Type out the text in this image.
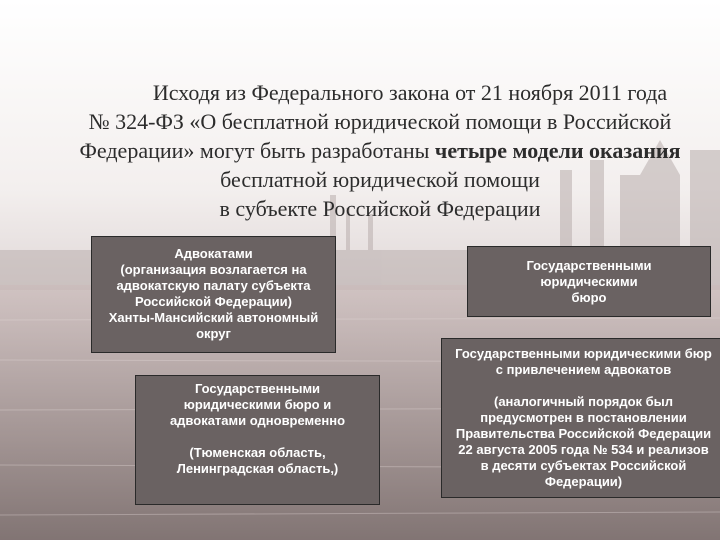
Исходя из Федерального закона от 21 ноября 2011 года
№ 324-ФЗ «О бесплатной юридической помощи в Российской
Федерации» могут быть разработаны четыре модели оказания
бесплатной юридической помощи
в субъекте Российской Федерации
Адвокатами
(организация возлагается на
адвокатскую палату субъекта
Российской Федерации)
Ханты-Мансийский автономный
округ
Государственными
юридическими
бюро
Государственными
юридическими бюро и
адвокатами одновременно
(Тюменская область,
Ленинградская область,)
Государственными юридическими бюр
с привлечением адвокатов
(аналогичный порядок был
предусмотрен в постановлении
Правительства Российской Федерации
22 августа 2005 года № 534 и реализов
в десяти субъектах Российской
Федерации)
